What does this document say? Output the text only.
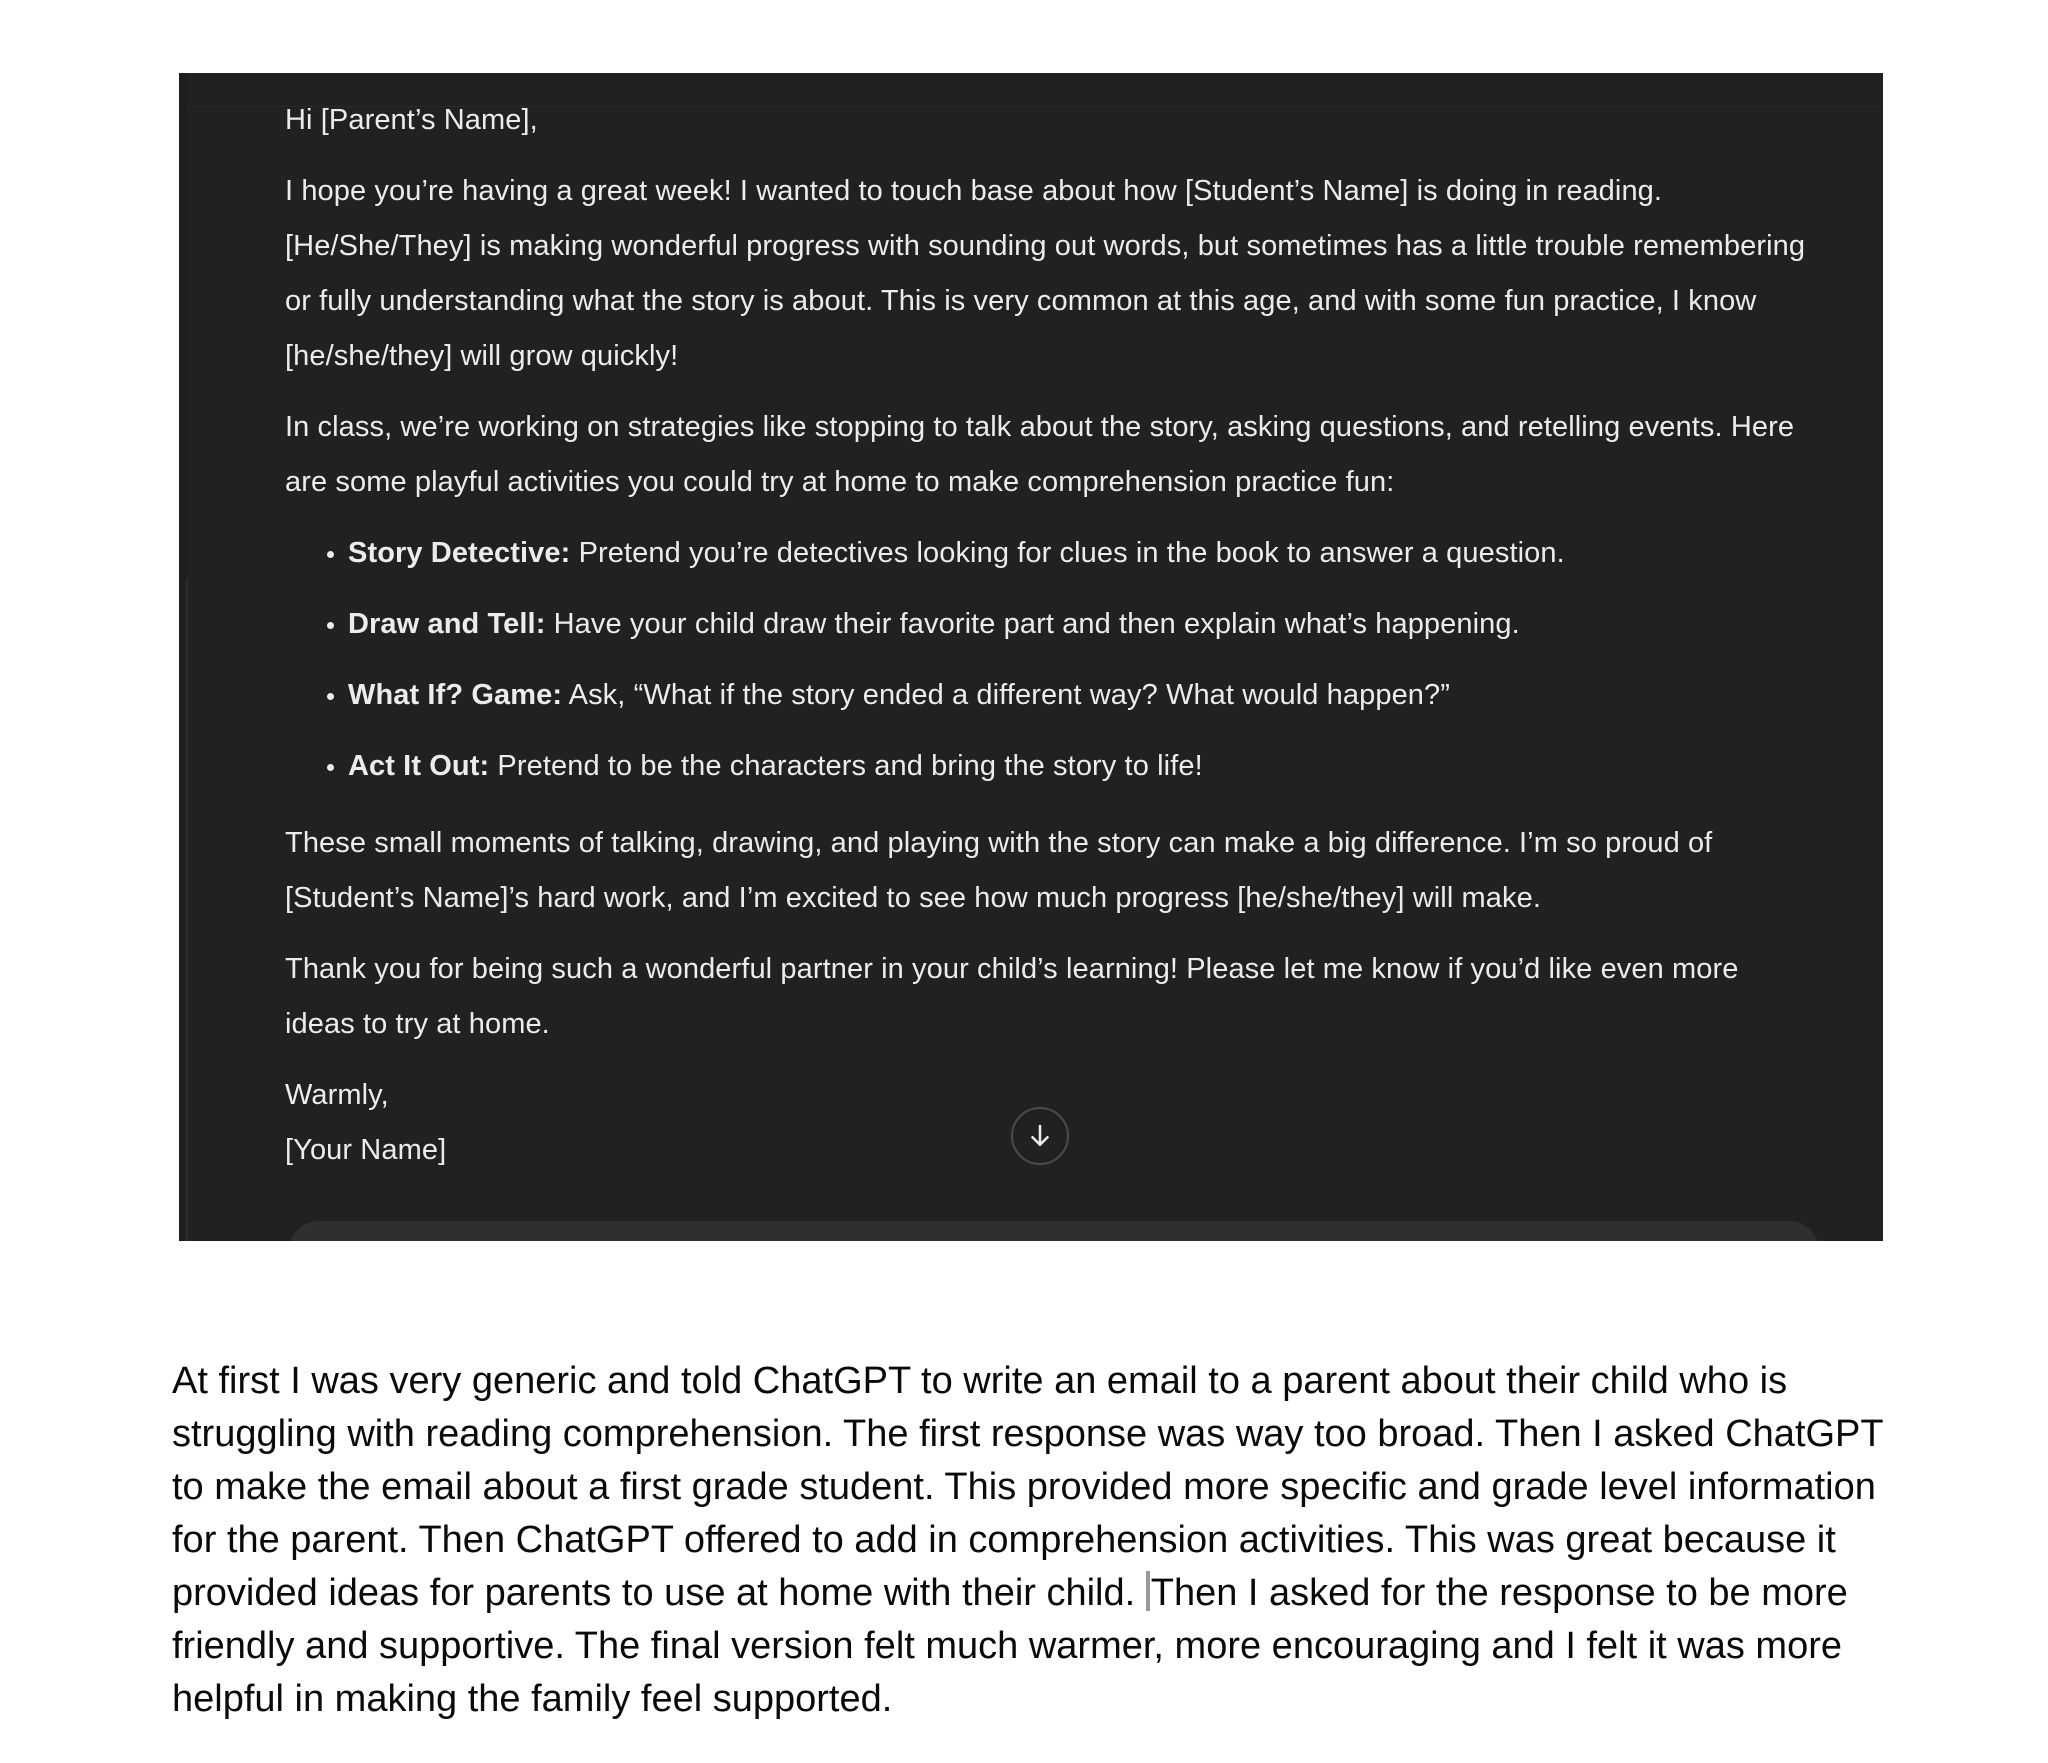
Hi [Parent’s Name],

I hope you’re having a great week! I wanted to touch base about how [Student’s Name] is doing in reading. [He/She/They] is making wonderful progress with sounding out words, but sometimes has a little trouble remembering or fully understanding what the story is about. This is very common at this age, and with some fun practice, I know [he/she/they] will grow quickly!

In class, we’re working on strategies like stopping to talk about the story, asking questions, and retelling events. Here are some playful activities you could try at home to make comprehension practice fun:

• Story Detective: Pretend you’re detectives looking for clues in the book to answer a question.
• Draw and Tell: Have your child draw their favorite part and then explain what’s happening.
• What If? Game: Ask, “What if the story ended a different way? What would happen?”
• Act It Out: Pretend to be the characters and bring the story to life!

These small moments of talking, drawing, and playing with the story can make a big difference. I’m so proud of [Student’s Name]’s hard work, and I’m excited to see how much progress [he/she/they] will make.

Thank you for being such a wonderful partner in your child’s learning! Please let me know if you’d like even more ideas to try at home.

Warmly,

[Your Name]

At first I was very generic and told ChatGPT to write an email to a parent about their child who is struggling with reading comprehension. The first response was way too broad. Then I asked ChatGPT to make the email about a first grade student. This provided more specific and grade level information for the parent. Then ChatGPT offered to add in comprehension activities. This was great because it provided ideas for parents to use at home with their child. Then I asked for the response to be more friendly and supportive. The final version felt much warmer, more encouraging and I felt it was more helpful in making the family feel supported.
